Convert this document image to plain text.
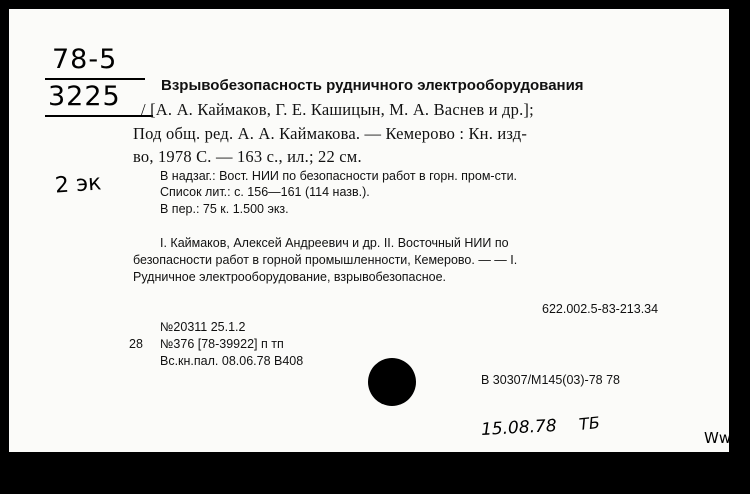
78-5
3225
2 эк
Взрывобезопасность рудничного электрооборудования
/ [А. А. Каймаков, Г. Е. Кашицын, М. А. Васнев и др.];
Под общ. ред. А. А. Каймакова. — Кемерово : Кн. изд-
во, 1978 С. — 163 с., ил.; 22 см.
В надзаг.: Вост. НИИ по безопасности работ в горн. пром-сти.
Список лит.: с. 156—161 (114 назв.).
В пер.: 75 к. 1.500 экз.
I. Каймаков, Алексей Андреевич и др. II. Восточный НИИ по
безопасности работ в горной промышленности, Кемерово. — — I.
Рудничное электрооборудование, взрывобезопасное.
622.002.5-83-213.34
№20311 25.1.2
28 №376 [78-39922] п тп
Вс.кн.пал. 08.06.78 В408
В 30307/М145(03)-78 78
15.08.78 ТБ
Ww
